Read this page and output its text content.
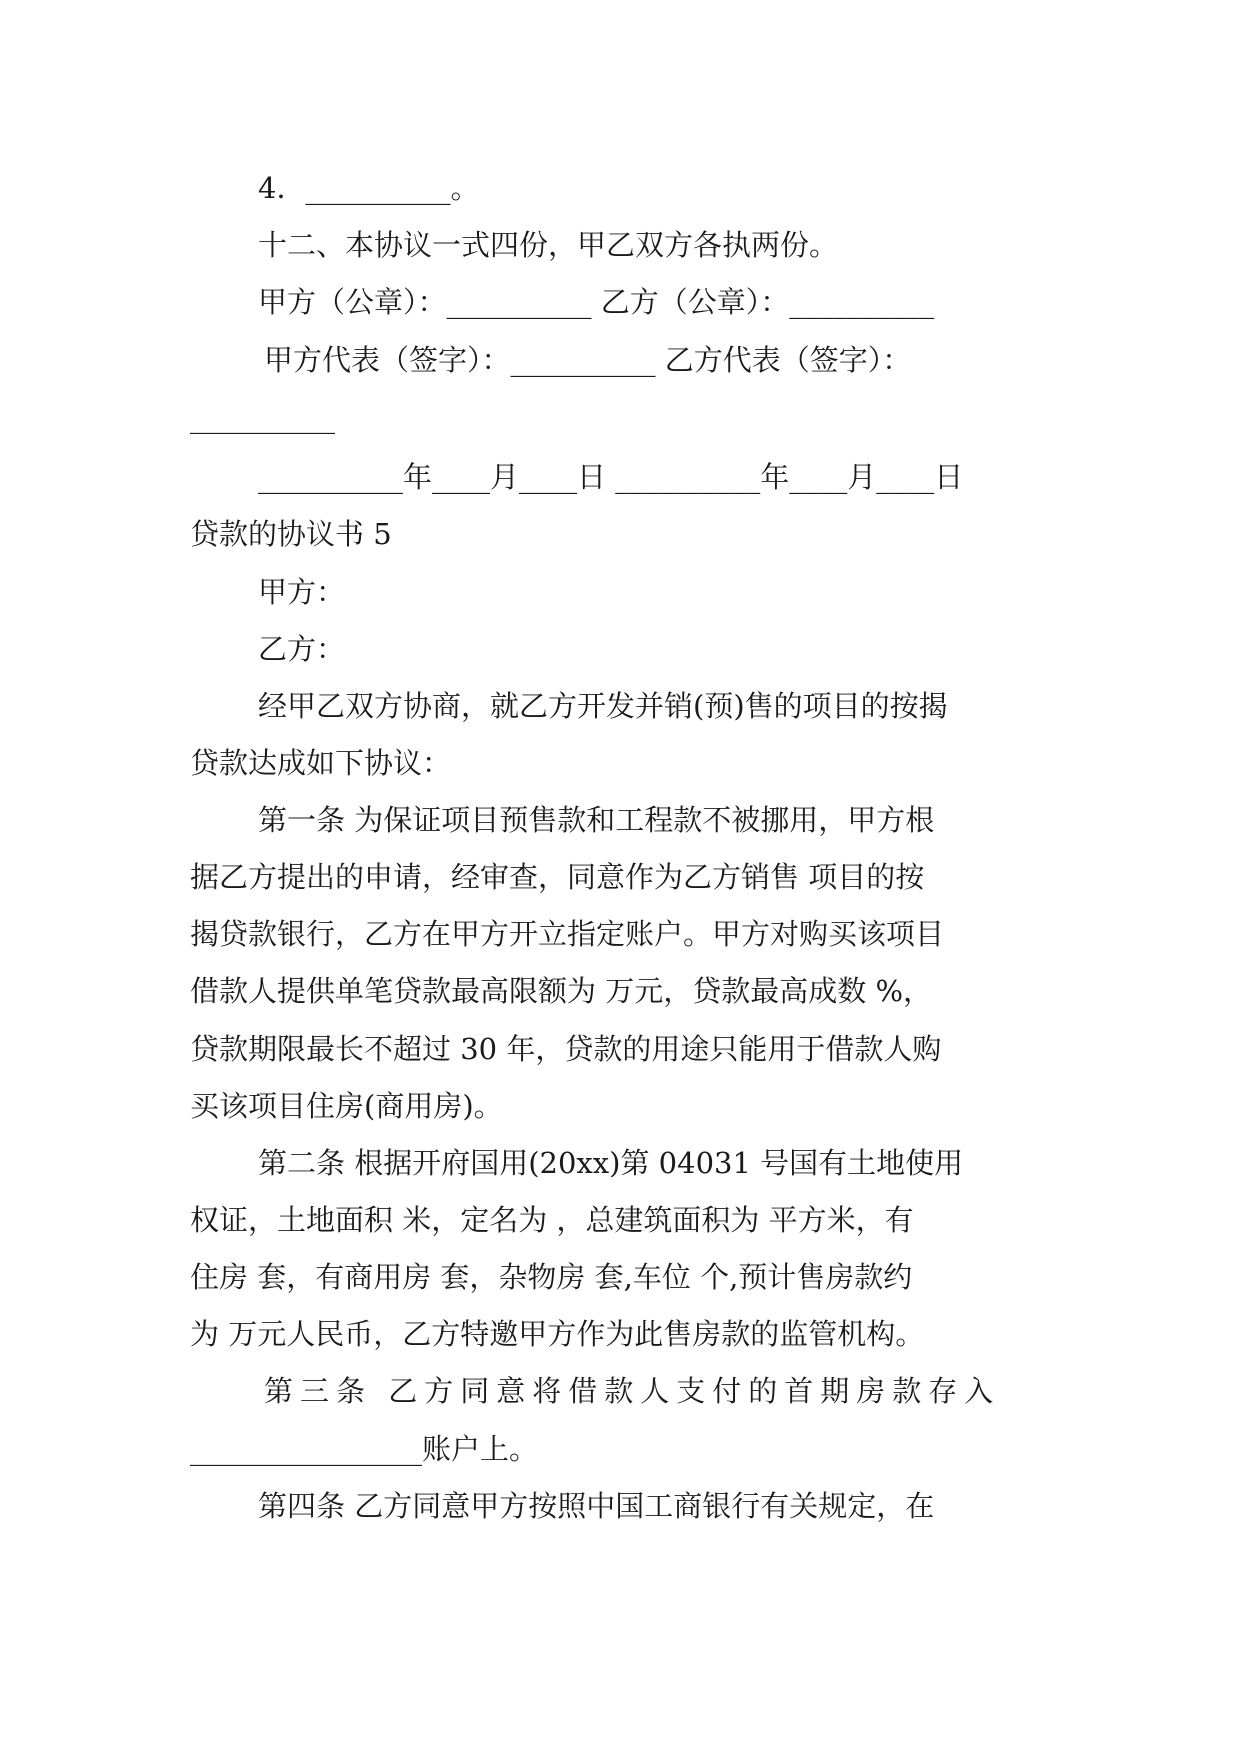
4．__________。
十二、本协议一式四份，甲乙双方各执两份。
甲方（公章）：__________ 乙方（公章）：__________
甲方代表（签字）：__________ 乙方代表（签字）：
__________
__________年____月____日 __________年____月____日
贷款的协议书 5
甲方：
乙方：
经甲乙双方协商，就乙方开发并销(预)售的项目的按揭
贷款达成如下协议：
第一条 为保证项目预售款和工程款不被挪用，甲方根
据乙方提出的申请，经审查，同意作为乙方销售 项目的按
揭贷款银行，乙方在甲方开立指定账户。甲方对购买该项目
借款人提供单笔贷款最高限额为 万元，贷款最高成数 %，
贷款期限最长不超过 30 年，贷款的用途只能用于借款人购
买该项目住房(商用房)。
第二条 根据开府国用(20xx)第 04031 号国有土地使用
权证，土地面积 米，定名为 ，总建筑面积为 平方米，有
住房 套，有商用房 套，杂物房 套,车位 个,预计售房款约
为 万元人民币，乙方特邀甲方作为此售房款的监管机构。
第三条 乙方同意将借款人支付的首期房款存入
________________账户上。
第四条 乙方同意甲方按照中国工商银行有关规定，在
